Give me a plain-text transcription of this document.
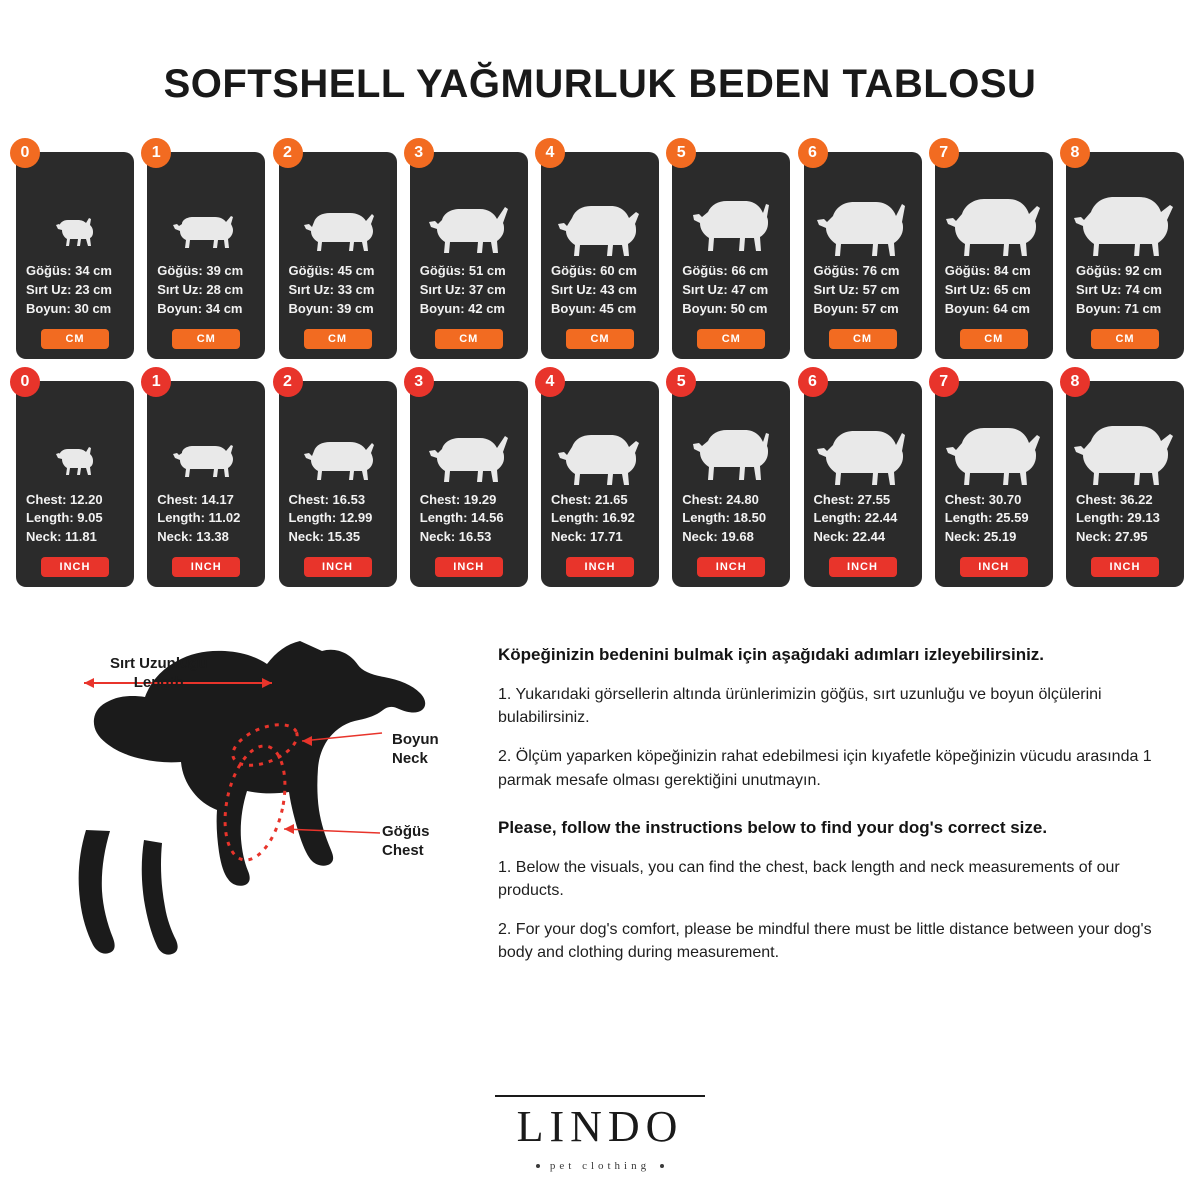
SOFTSHELL YAĞMURLUK BEDEN TABLOSU
0
Göğüs: 34 cm
Sırt Uz: 23 cm
Boyun: 30 cm
CM
1
Göğüs: 39 cm
Sırt Uz: 28 cm
Boyun: 34 cm
CM
2
Göğüs: 45 cm
Sırt Uz: 33 cm
Boyun: 39 cm
CM
3
Göğüs: 51 cm
Sırt Uz: 37 cm
Boyun: 42 cm
CM
4
Göğüs: 60 cm
Sırt Uz: 43 cm
Boyun: 45 cm
CM
5
Göğüs: 66 cm
Sırt Uz: 47 cm
Boyun: 50 cm
CM
6
Göğüs: 76 cm
Sırt Uz: 57 cm
Boyun: 57 cm
CM
7
Göğüs: 84 cm
Sırt Uz: 65 cm
Boyun: 64 cm
CM
8
Göğüs: 92 cm
Sırt Uz: 74 cm
Boyun: 71 cm
CM
0
Chest: 12.20
Length: 9.05
Neck: 11.81
INCH
1
Chest: 14.17
Length: 11.02
Neck: 13.38
INCH
2
Chest: 16.53
Length: 12.99
Neck: 15.35
INCH
3
Chest: 19.29
Length: 14.56
Neck: 16.53
INCH
4
Chest: 21.65
Length: 16.92
Neck: 17.71
INCH
5
Chest: 24.80
Length: 18.50
Neck: 19.68
INCH
6
Chest: 27.55
Length: 22.44
Neck: 22.44
INCH
7
Chest: 30.70
Length: 25.59
Neck: 25.19
INCH
8
Chest: 36.22
Length: 29.13
Neck: 27.95
INCH
Sırt Uzunluğu
Length
Boyun
Neck
Göğüs
Chest
Köpeğinizin bedenini bulmak için aşağıdaki adımları izleyebilirsiniz.
1. Yukarıdaki görsellerin altında ürünlerimizin göğüs, sırt uzunluğu ve boyun ölçülerini bulabilirsiniz.
2. Ölçüm yaparken köpeğinizin rahat edebilmesi için kıyafetle köpeğinizin vücudu arasında 1 parmak mesafe olması gerektiğini unutmayın.
Please, follow the instructions below to find your dog's correct size.
1. Below the visuals, you can find the chest, back length and neck measurements of our products.
2. For your dog's comfort, please be mindful there must be little distance between your dog's body and clothing during measurement.
LINDO
pet clothing
